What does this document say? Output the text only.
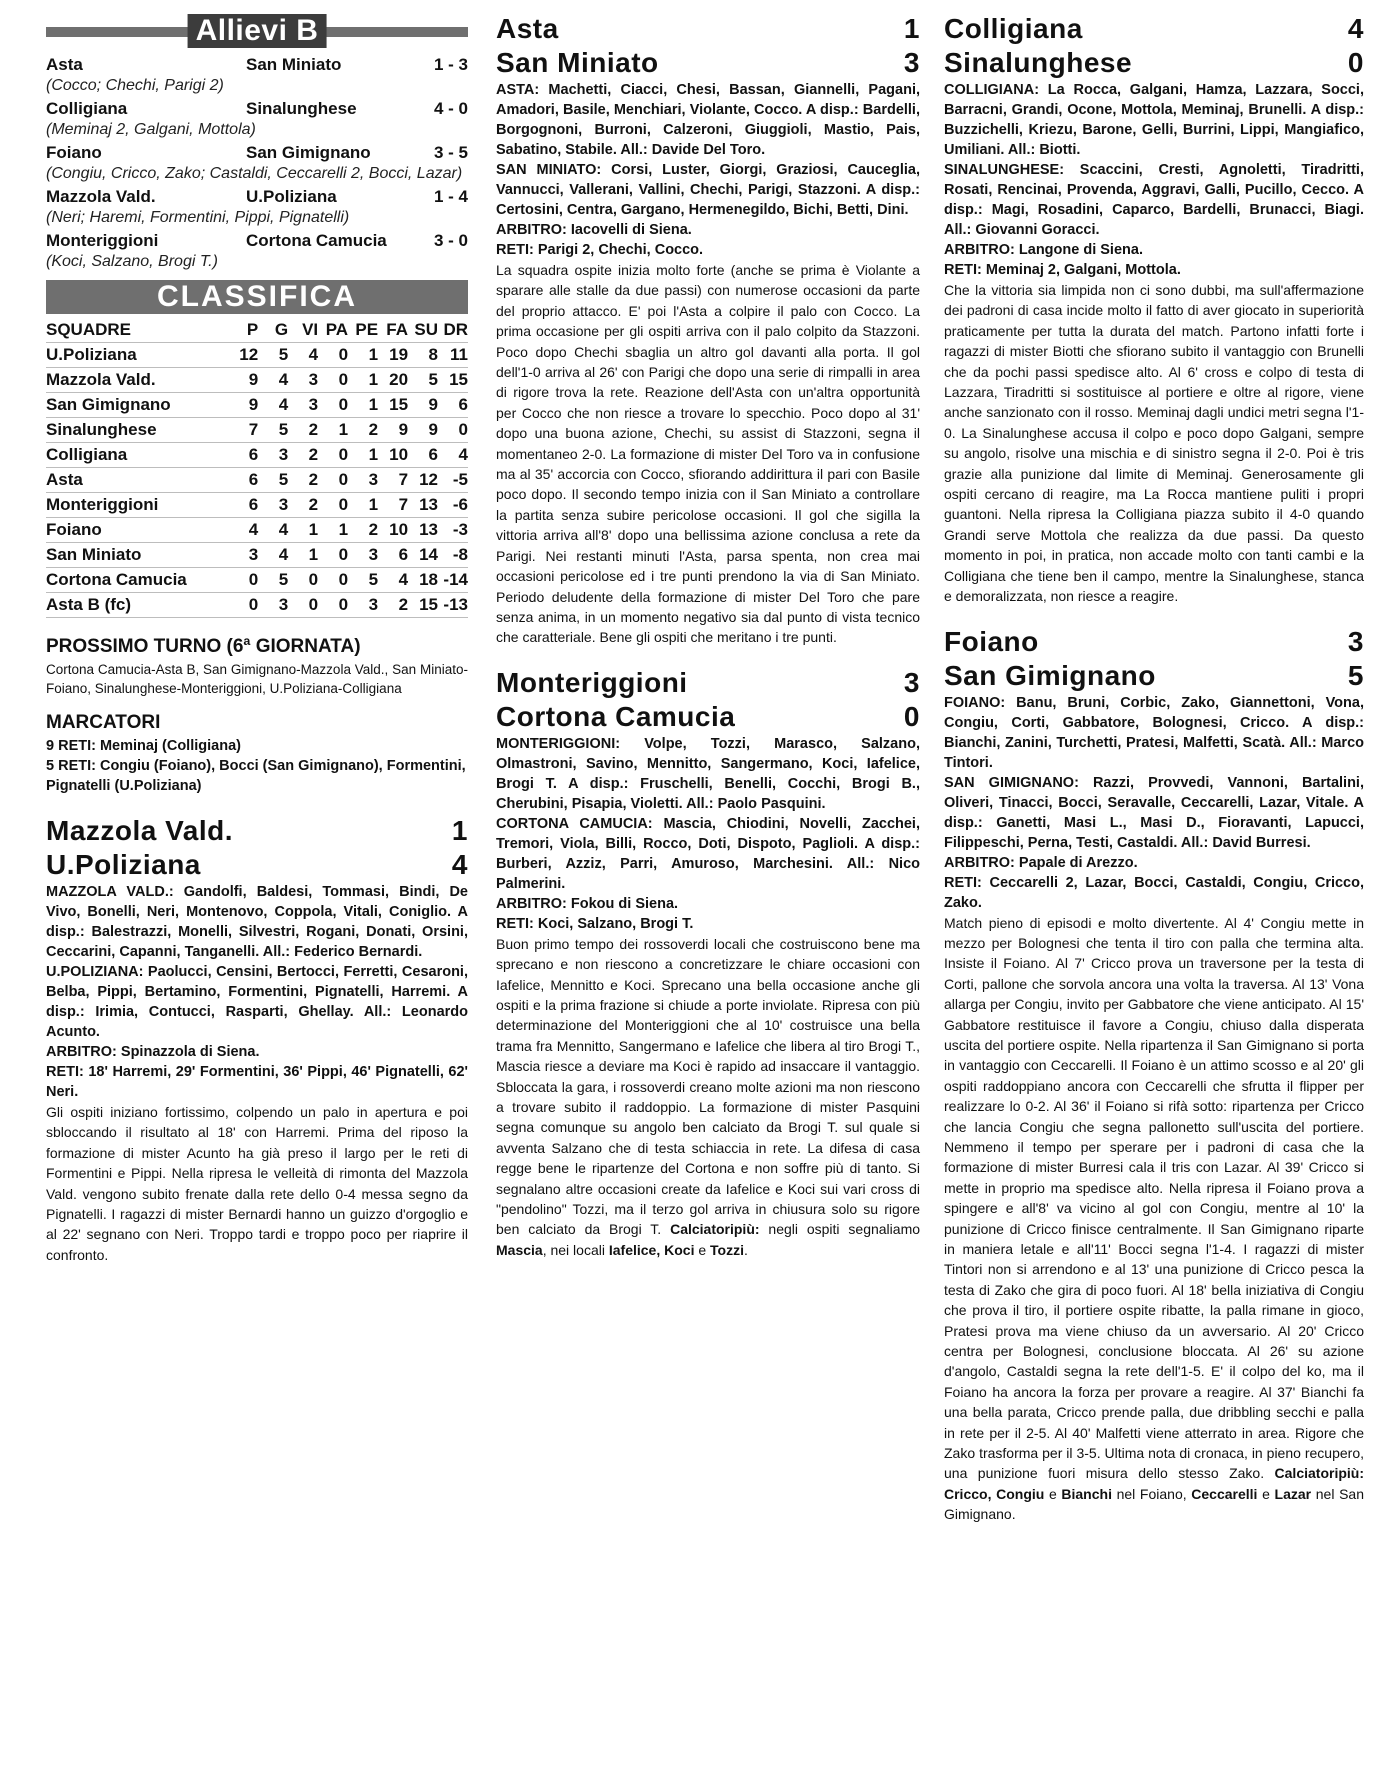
Allievi B
Asta	San Miniato	1 - 3
(Cocco; Chechi, Parigi 2)
Colligiana	Sinalunghese	4 - 0
(Meminaj 2, Galgani, Mottola)
Foiano	San Gimignano	3 - 5
(Congiu, Cricco, Zako; Castaldi, Ceccarelli 2, Bocci, Lazar)
Mazzola Vald.	U.Poliziana	1 - 4
(Neri; Haremi, Formentini, Pippi, Pignatelli)
Monteriggioni	Cortona Camucia	3 - 0
(Koci, Salzano, Brogi T.)
CLASSIFICA
SQUADRE	P	G	VI	PA	PE	FA	SU	DR
U.Poliziana	12	5	4	0	1	19	8	11
Mazzola Vald.	9	4	3	0	1	20	5	15
San Gimignano	9	4	3	0	1	15	9	6
Sinalunghese	7	5	2	1	2	9	9	0
Colligiana	6	3	2	0	1	10	6	4
Asta	6	5	2	0	3	7	12	-5
Monteriggioni	6	3	2	0	1	7	13	-6
Foiano	4	4	1	1	2	10	13	-3
San Miniato	3	4	1	0	3	6	14	-8
Cortona Camucia	0	5	0	0	5	4	18	-14
Asta B (fc)	0	3	0	0	3	2	15	-13
PROSSIMO TURNO (6ª GIORNATA)
Cortona Camucia-Asta B, San Gimignano-Mazzola Vald., San Miniato-Foiano, Sinalunghese-Monteriggioni, U.Poliziana-Colligiana
MARCATORI
9 RETI: Meminaj (Colligiana)
5 RETI: Congiu (Foiano), Bocci (San Gimignano), Formentini, Pignatelli (U.Poliziana)
Mazzola Vald.	1
U.Poliziana	4

MAZZOLA VALD.: Gandolfi, Baldesi, Tommasi, Bindi, De Vivo, Bonelli, Neri, Montenovo, Coppola, Vitali, Coniglio. A disp.: Balestrazzi, Monelli, Silvestri, Rogani, Donati, Orsini, Ceccarini, Capanni, Tanganelli. All.: Federico Bernardi.

U.POLIZIANA: Paolucci, Censini, Bertocci, Ferretti, Cesaroni, Belba, Pippi, Bertamino, Formentini, Pignatelli, Harremi. A disp.: Irimia, Contucci, Rasparti, Ghellay. All.: Leonardo Acunto.

ARBITRO: Spinazzola di Siena.

RETI: 18' Harremi, 29' Formentini, 36' Pippi, 46' Pignatelli, 62' Neri.

Gli ospiti iniziano fortissimo, colpendo un palo in apertura e poi sbloccando il risultato al 18' con Harremi. Prima del riposo la formazione di mister Acunto ha già preso il largo per le reti di Formentini e Pippi. Nella ripresa le velleità di rimonta del Mazzola Vald. vengono subito frenate dalla rete dello 0-4 messa segno da Pignatelli. I ragazzi di mister Bernardi hanno un guizzo d'orgoglio e al 22' segnano con Neri. Troppo tardi e troppo poco per riaprire il confronto.

Asta	1
San Miniato	3

ASTA: Machetti, Ciacci, Chesi, Bassan, Giannelli, Pagani, Amadori, Basile, Menchiari, Violante, Cocco. A disp.: Bardelli, Borgognoni, Burroni, Calzeroni, Giuggioli, Mastio, Pais, Sabatino, Stabile. All.: Davide Del Toro.

SAN MINIATO: Corsi, Luster, Giorgi, Graziosi, Cauceglia, Vannucci, Vallerani, Vallini, Chechi, Parigi, Stazzoni. A disp.: Certosini, Centra, Gargano, Hermenegildo, Bichi, Betti, Dini.

ARBITRO: Iacovelli di Siena.

RETI: Parigi 2, Chechi, Cocco.

La squadra ospite inizia molto forte (anche se prima è Violante a sparare alle stalle da due passi) con numerose occasioni da parte del proprio attacco. E' poi l'Asta a colpire il palo con Cocco. La prima occasione per gli ospiti arriva con il palo colpito da Stazzoni. Poco dopo Chechi sbaglia un altro gol davanti alla porta. Il gol dell'1-0 arriva al 26' con Parigi che dopo una serie di rimpalli in area di rigore trova la rete. Reazione dell'Asta con un'altra opportunità per Cocco che non riesce a trovare lo specchio. Poco dopo al 31' dopo una buona azione, Chechi, su assist di Stazzoni, segna il momentaneo 2-0. La formazione di mister Del Toro va in confusione ma al 35' accorcia con Cocco, sfiorando addirittura il pari con Basile poco dopo. Il secondo tempo inizia con il San Miniato a controllare la partita senza subire pericolose occasioni. Il gol che sigilla la vittoria arriva all'8' dopo una bellissima azione conclusa a rete da Parigi. Nei restanti minuti l'Asta, parsa spenta, non crea mai occasioni pericolose ed i tre punti prendono la via di San Miniato. Periodo deludente della formazione di mister Del Toro che pare senza anima, in un momento negativo sia dal punto di vista tecnico che caratteriale. Bene gli ospiti che meritano i tre punti.

Monteriggioni	3
Cortona Camucia	0

MONTERIGGIONI: Volpe, Tozzi, Marasco, Salzano, Olmastroni, Savino, Mennitto, Sangermano, Koci, Iafelice, Brogi T. A disp.: Fruschelli, Benelli, Cocchi, Brogi B., Cherubini, Pisapia, Violetti. All.: Paolo Pasquini.

CORTONA CAMUCIA: Mascia, Chiodini, Novelli, Zacchei, Tremori, Viola, Billi, Rocco, Doti, Dispoto, Paglioli. A disp.: Burberi, Azziz, Parri, Amuroso, Marchesini. All.: Nico Palmerini.

ARBITRO: Fokou di Siena.

RETI: Koci, Salzano, Brogi T.

Buon primo tempo dei rossoverdi locali che costruiscono bene ma sprecano e non riescono a concretizzare le chiare occasioni con Iafelice, Mennitto e Koci. Sprecano una bella occasione anche gli ospiti e la prima frazione si chiude a porte inviolate. Ripresa con più determinazione del Monteriggioni che al 10' costruisce una bella trama fra Mennitto, Sangermano e Iafelice che libera al tiro Brogi T., Mascia riesce a deviare ma Koci è rapido ad insaccare il vantaggio. Sbloccata la gara, i rossoverdi creano molte azioni ma non riescono a trovare subito il raddoppio. La formazione di mister Pasquini segna comunque su angolo ben calciato da Brogi T. sul quale si avventa Salzano che di testa schiaccia in rete. La difesa di casa regge bene le ripartenze del Cortona e non soffre più di tanto. Si segnalano altre occasioni create da Iafelice e Koci sui vari cross di "pendolino" Tozzi, ma il terzo gol arriva in chiusura solo su rigore ben calciato da Brogi T. Calciatoripiù: negli ospiti segnaliamo Mascia, nei locali Iafelice, Koci e Tozzi.

Colligiana	4
Sinalunghese	0

COLLIGIANA: La Rocca, Galgani, Hamza, Lazzara, Socci, Barracni, Grandi, Ocone, Mottola, Meminaj, Brunelli. A disp.: Buzzichelli, Kriezu, Barone, Gelli, Burrini, Lippi, Mangiafico, Umiliani. All.: Biotti.

SINALUNGHESE: Scaccini, Cresti, Agnoletti, Tiradritti, Rosati, Rencinai, Provenda, Aggravi, Galli, Pucillo, Cecco. A disp.: Magi, Rosadini, Caparco, Bardelli, Brunacci, Biagi. All.: Giovanni Goracci.

ARBITRO: Langone di Siena.

RETI: Meminaj 2, Galgani, Mottola.

Che la vittoria sia limpida non ci sono dubbi, ma sull'affermazione dei padroni di casa incide molto il fatto di aver giocato in superiorità praticamente per tutta la durata del match. Partono infatti forte i ragazzi di mister Biotti che sfiorano subito il vantaggio con Brunelli che da pochi passi spedisce alto. Al 6' cross e colpo di testa di Lazzara, Tiradritti si sostituisce al portiere e oltre al rigore, viene anche sanzionato con il rosso. Meminaj dagli undici metri segna l'1-0. La Sinalunghese accusa il colpo e poco dopo Galgani, sempre su angolo, risolve una mischia e di sinistro segna il 2-0. Poi è tris grazie alla punizione dal limite di Meminaj. Generosamente gli ospiti cercano di reagire, ma La Rocca mantiene puliti i propri guantoni. Nella ripresa la Colligiana piazza subito il 4-0 quando Grandi serve Mottola che realizza da due passi. Da questo momento in poi, in pratica, non accade molto con tanti cambi e la Colligiana che tiene ben il campo, mentre la Sinalunghese, stanca e demoralizzata, non riesce a reagire.

Foiano	3
San Gimignano	5

FOIANO: Banu, Bruni, Corbic, Zako, Giannettoni, Vona, Congiu, Corti, Gabbatore, Bolognesi, Cricco. A disp.: Bianchi, Zanini, Turchetti, Pratesi, Malfetti, Scatà. All.: Marco Tintori.

SAN GIMIGNANO: Razzi, Provvedi, Vannoni, Bartalini, Oliveri, Tinacci, Bocci, Seravalle, Ceccarelli, Lazar, Vitale. A disp.: Ganetti, Masi L., Masi D., Fioravanti, Lapucci, Filippeschi, Perna, Testi, Castaldi. All.: David Burresi.

ARBITRO: Papale di Arezzo.

RETI: Ceccarelli 2, Lazar, Bocci, Castaldi, Congiu, Cricco, Zako.

Match pieno di episodi e molto divertente. Al 4' Congiu mette in mezzo per Bolognesi che tenta il tiro con palla che termina alta. Insiste il Foiano. Al 7' Cricco prova un traversone per la testa di Corti, pallone che sorvola ancora una volta la traversa. Al 13' Vona allarga per Congiu, invito per Gabbatore che viene anticipato. Al 15' Gabbatore restituisce il favore a Congiu, chiuso dalla disperata uscita del portiere ospite. Nella ripartenza il San Gimignano si porta in vantaggio con Ceccarelli. Il Foiano è un attimo scosso e al 20' gli ospiti raddoppiano ancora con Ceccarelli che sfrutta il flipper per realizzare lo 0-2. Al 36' il Foiano si rifà sotto: ripartenza per Cricco che lancia Congiu che segna pallonetto sull'uscita del portiere. Nemmeno il tempo per sperare per i padroni di casa che la formazione di mister Burresi cala il tris con Lazar. Al 39' Cricco si mette in proprio ma spedisce alto. Nella ripresa il Foiano prova a spingere e all'8' va vicino al gol con Congiu, mentre al 10' la punizione di Cricco finisce centralmente. Il San Gimignano riparte in maniera letale e all'11' Bocci segna l'1-4. I ragazzi di mister Tintori non si arrendono e al 13' una punizione di Cricco pesca la testa di Zako che gira di poco fuori. Al 18' bella iniziativa di Congiu che prova il tiro, il portiere ospite ribatte, la palla rimane in gioco, Pratesi prova ma viene chiuso da un avversario. Al 20' Cricco centra per Bolognesi, conclusione bloccata. Al 26' su azione d'angolo, Castaldi segna la rete dell'1-5. E' il colpo del ko, ma il Foiano ha ancora la forza per provare a reagire. Al 37' Bianchi fa una bella parata, Cricco prende palla, due dribbling secchi e palla in rete per il 2-5. Al 40' Malfetti viene atterrato in area. Rigore che Zako trasforma per il 3-5. Ultima nota di cronaca, in pieno recupero, una punizione fuori misura dello stesso Zako. Calciatoripiù: Cricco, Congiu e Bianchi nel Foiano, Ceccarelli e Lazar nel San Gimignano.
